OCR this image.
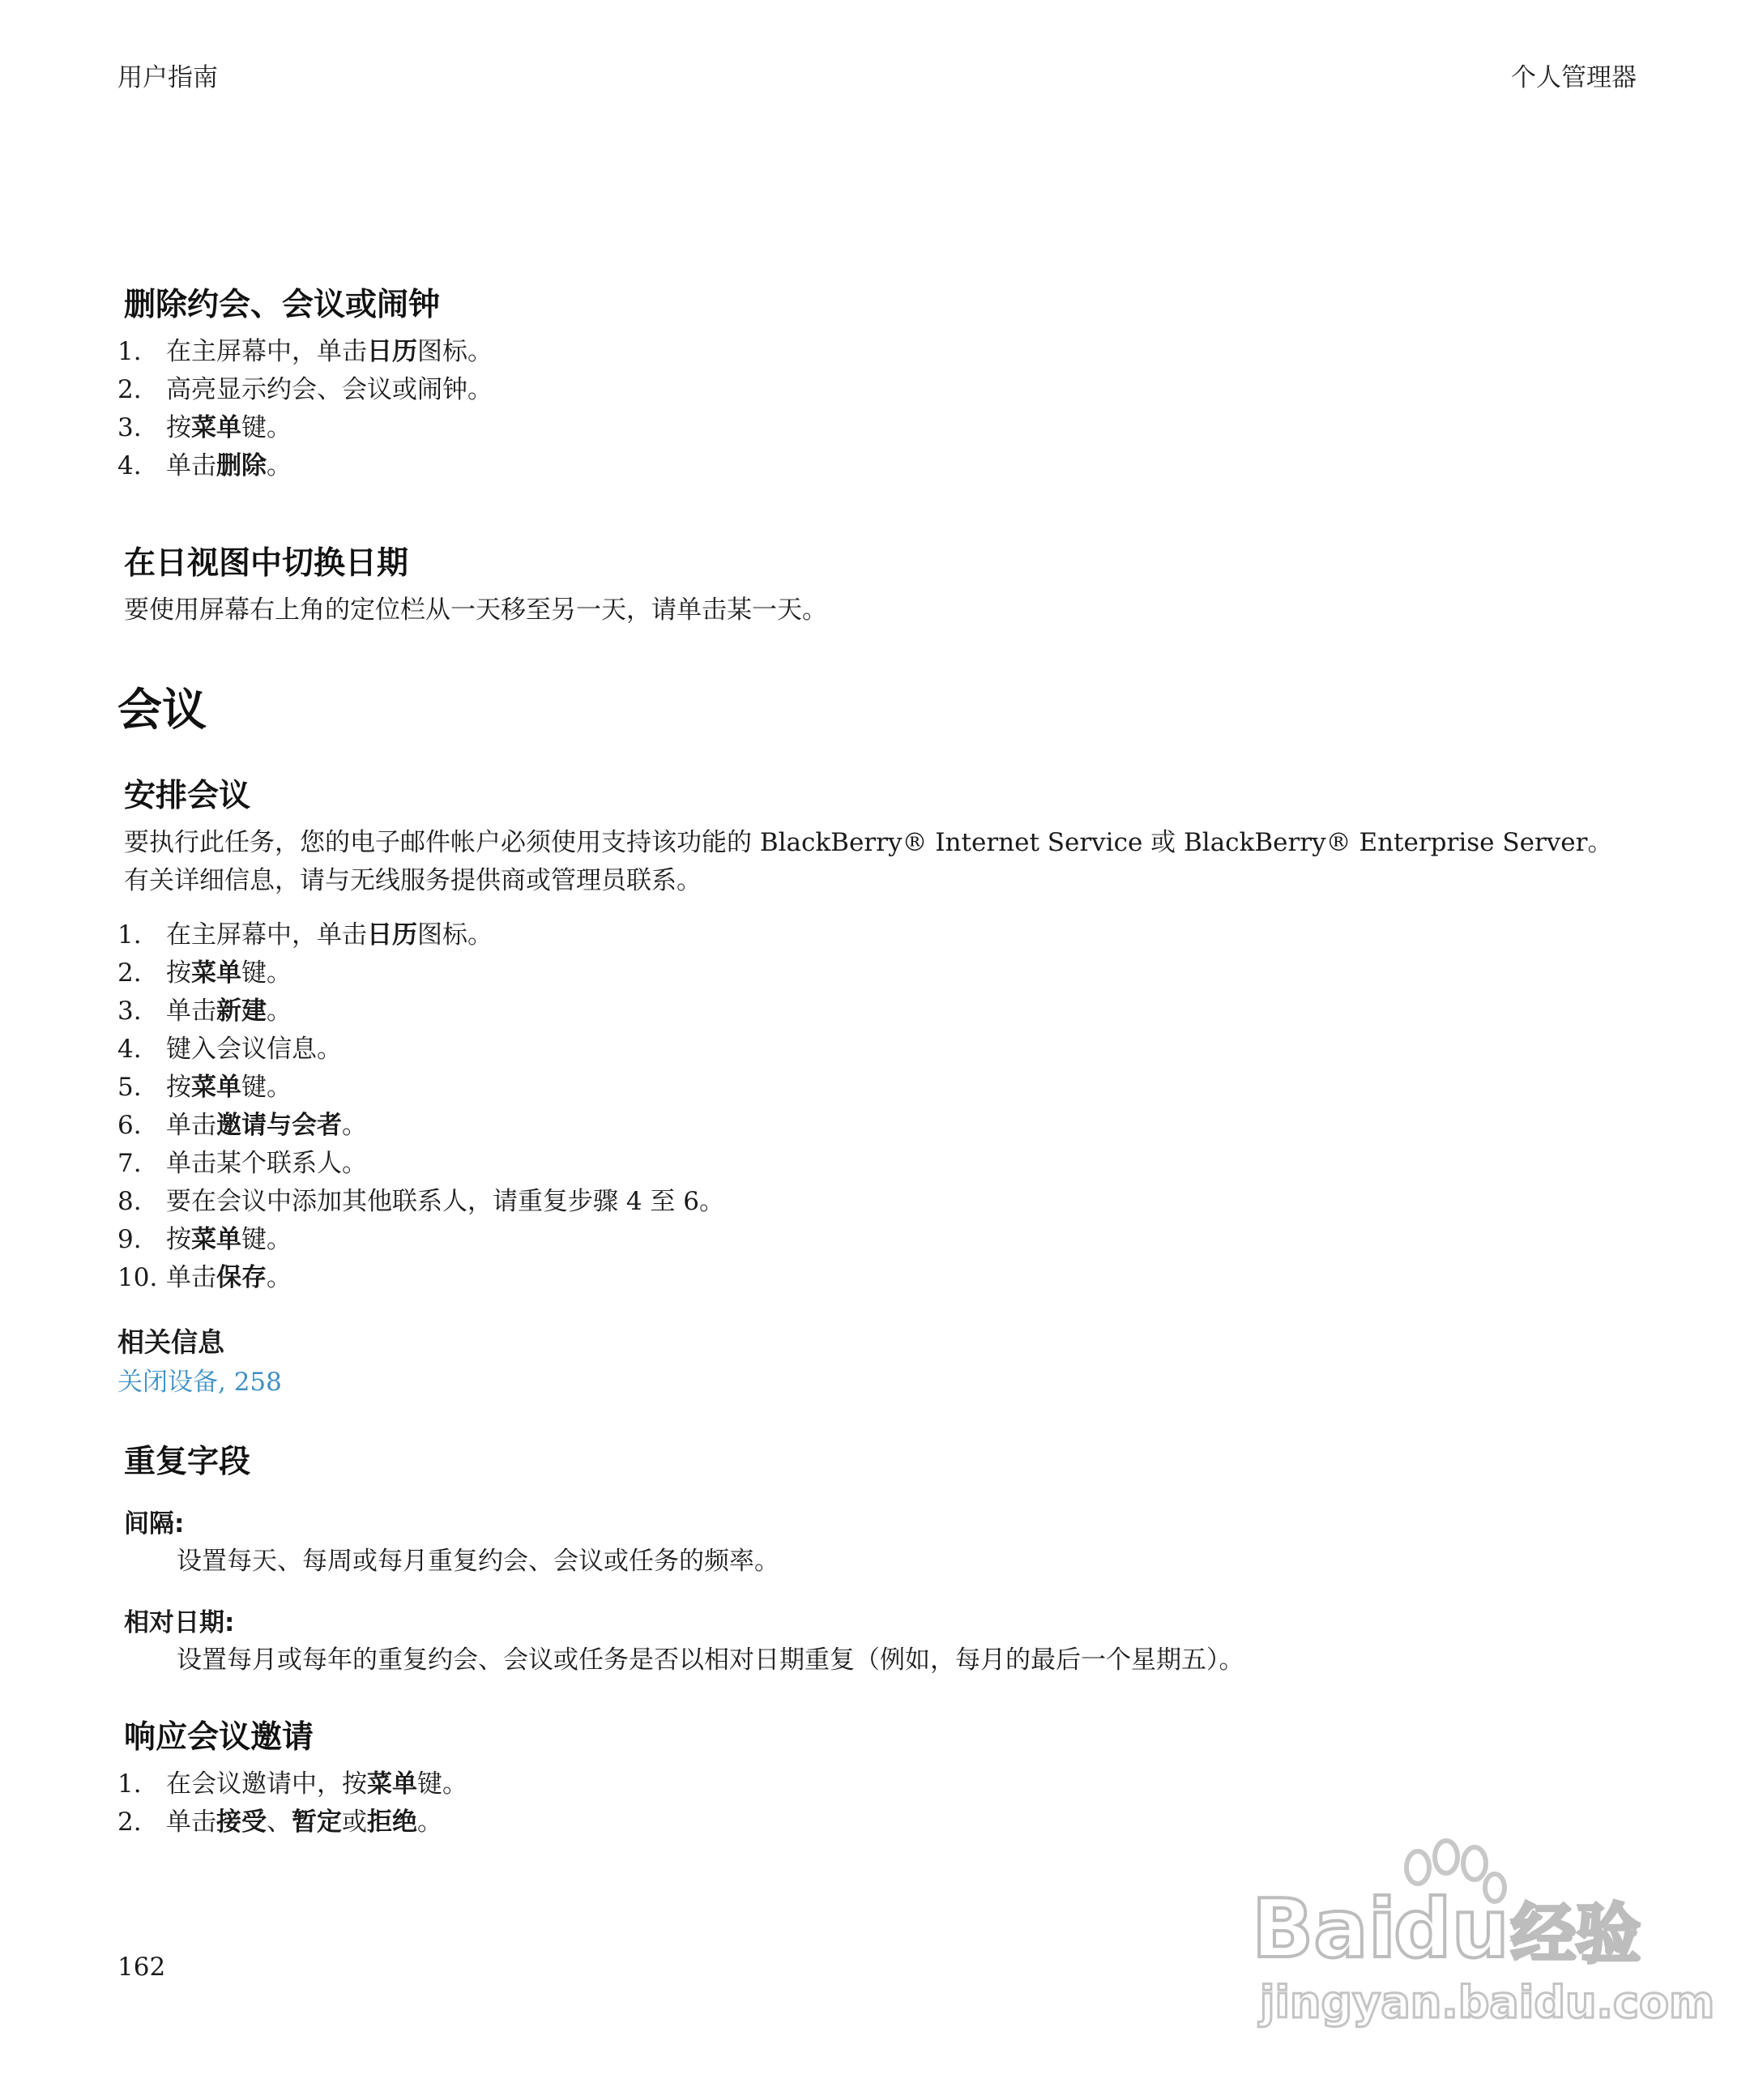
用户指南	个人管理器
删除约会、会议或闹钟
1. 在主屏幕中，单击日历图标。
2. 高亮显示约会、会议或闹钟。
3. 按菜单键。
4. 单击删除。
在日视图中切换日期

要使用屏幕右上角的定位栏从一天移至另一天，请单击某一天。

会议
安排会议

要执行此任务，您的电子邮件帐户必须使用支持该功能的 BlackBerry® Internet Service 或 BlackBerry® Enterprise Server。 有关详细信息，请与无线服务提供商或管理员联系。

1. 在主屏幕中，单击日历图标。
2. 按菜单键。
3. 单击新建。
4. 键入会议信息。
5. 按菜单键。
6. 单击邀请与会者。
7. 单击某个联系人。
8. 要在会议中添加其他联系人，请重复步骤 4 至 6。
9. 按菜单键。
10. 单击保存。
相关信息
关闭设备, 258
重复字段
间隔:
设置每天、每周或每月重复约会、会议或任务的频率。
相对日期:
设置每月或每年的重复约会、会议或任务是否以相对日期重复（例如，每月的最后一个星期五）。
响应会议邀请
1. 在会议邀请中，按菜单键。
2. 单击接受、暂定或拒绝。
162	Bai
du 经验
jingyan.baidu.com
